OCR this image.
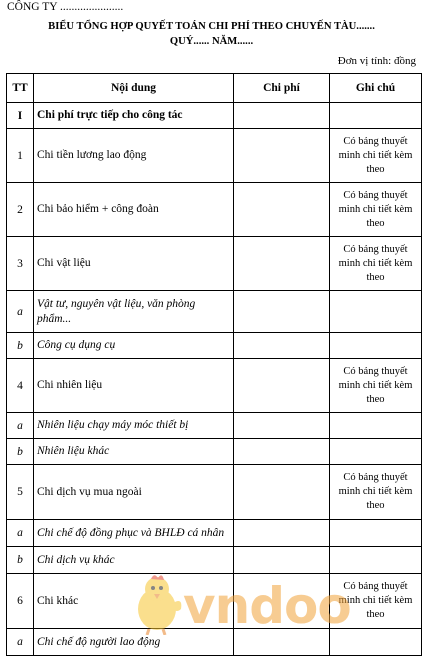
CÔNG TY ......................
BIỂU TỔNG HỢP QUYẾT TOÁN CHI PHÍ THEO CHUYẾN TÀU.......
QUÝ...... NĂM......
Đơn vị tính: đồng
TT	Nội dung	Chi phí	Ghi chú
I	Chi phí trực tiếp cho công tác		
1	Chi tiền lương lao động		Có bảng thuyết minh chi tiết kèm theo
2	Chi bảo hiểm + công đoàn		Có bảng thuyết minh chi tiết kèm theo
3	Chi vật liệu		Có bảng thuyết minh chi tiết kèm theo
a	Vật tư, nguyên vật liệu, văn phòng phẩm...		
b	Công cụ dụng cụ		
4	Chi nhiên liệu		Có bảng thuyết minh chi tiết kèm theo
a	Nhiên liệu chạy máy móc thiết bị		
b	Nhiên liệu khác		
5	Chi dịch vụ mua ngoài		Có bảng thuyết minh chi tiết kèm theo
a	Chi chế độ đồng phục và BHLĐ cá nhân		
b	Chi dịch vụ khác		
6	Chi khác		Có bảng thuyết minh chi tiết kèm theo
a	Chi chế độ người lao động		
vndoo
